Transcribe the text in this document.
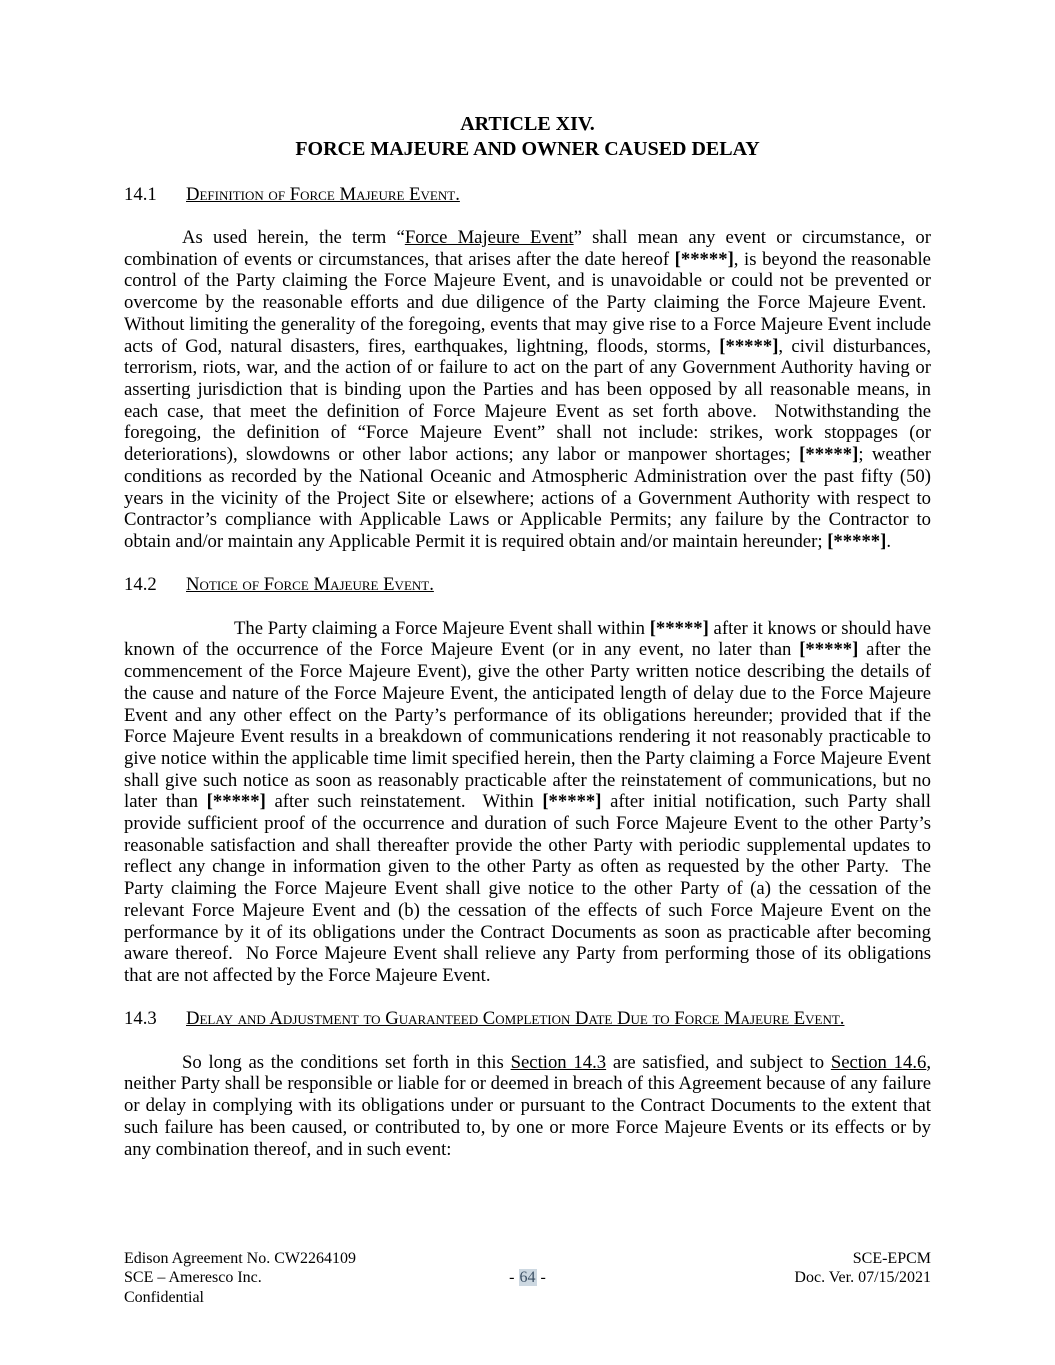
ARTICLE XIV.
FORCE MAJEURE AND OWNER CAUSED DELAY
14.1 Definition of Force Majeure Event.

As used herein, the term “Force Majeure Event” shall mean any event or circumstance, or combination of events or circumstances, that arises after the date hereof [*****], is beyond the reasonable control of the Party claiming the Force Majeure Event, and is unavoidable or could not be prevented or overcome by the reasonable efforts and due diligence of the Party claiming the Force Majeure Event.  Without limiting the generality of the foregoing, events that may give rise to a Force Majeure Event include acts of God, natural disasters, fires, earthquakes, lightning, floods, storms, [*****], civil disturbances, terrorism, riots, war, and the action of or failure to act on the part of any Government Authority having or asserting jurisdiction that is binding upon the Parties and has been opposed by all reasonable means, in each case, that meet the definition of Force Majeure Event as set forth above.  Notwithstanding the foregoing, the definition of “Force Majeure Event” shall not include: strikes, work stoppages (or deteriorations), slowdowns or other labor actions; any labor or manpower shortages; [*****]; weather conditions as recorded by the National Oceanic and Atmospheric Administration over the past fifty (50) years in the vicinity of the Project Site or elsewhere; actions of a Government Authority with respect to Contractor’s compliance with Applicable Laws or Applicable Permits; any failure by the Contractor to obtain and/or maintain any Applicable Permit it is required obtain and/or maintain hereunder; [*****].

14.2 Notice of Force Majeure Event.

The Party claiming a Force Majeure Event shall within [*****] after it knows or should have known of the occurrence of the Force Majeure Event (or in any event, no later than [*****] after the commencement of the Force Majeure Event), give the other Party written notice describing the details of the cause and nature of the Force Majeure Event, the anticipated length of delay due to the Force Majeure Event and any other effect on the Party’s performance of its obligations hereunder; provided that if the Force Majeure Event results in a breakdown of communications rendering it not reasonably practicable to give notice within the applicable time limit specified herein, then the Party claiming a Force Majeure Event shall give such notice as soon as reasonably practicable after the reinstatement of communications, but no later than [*****] after such reinstatement.  Within [*****] after initial notification, such Party shall provide sufficient proof of the occurrence and duration of such Force Majeure Event to the other Party’s reasonable satisfaction and shall thereafter provide the other Party with periodic supplemental updates to reflect any change in information given to the other Party as often as requested by the other Party.  The Party claiming the Force Majeure Event shall give notice to the other Party of (a) the cessation of the relevant Force Majeure Event and (b) the cessation of the effects of such Force Majeure Event on the performance by it of its obligations under the Contract Documents as soon as practicable after becoming aware thereof.  No Force Majeure Event shall relieve any Party from performing those of its obligations that are not affected by the Force Majeure Event.

14.3 Delay and Adjustment to Guaranteed Completion Date Due to Force Majeure Event.

So long as the conditions set forth in this Section 14.3 are satisfied, and subject to Section 14.6, neither Party shall be responsible or liable for or deemed in breach of this Agreement because of any failure or delay in complying with its obligations under or pursuant to the Contract Documents to the extent that such failure has been caused, or contributed to, by one or more Force Majeure Events or its effects or by any combination thereof, and in such event:

Edison Agreement No. CW2264109
SCE – Ameresco Inc.
Confidential
- 64 -
SCE-EPCM
Doc. Ver. 07/15/2021
